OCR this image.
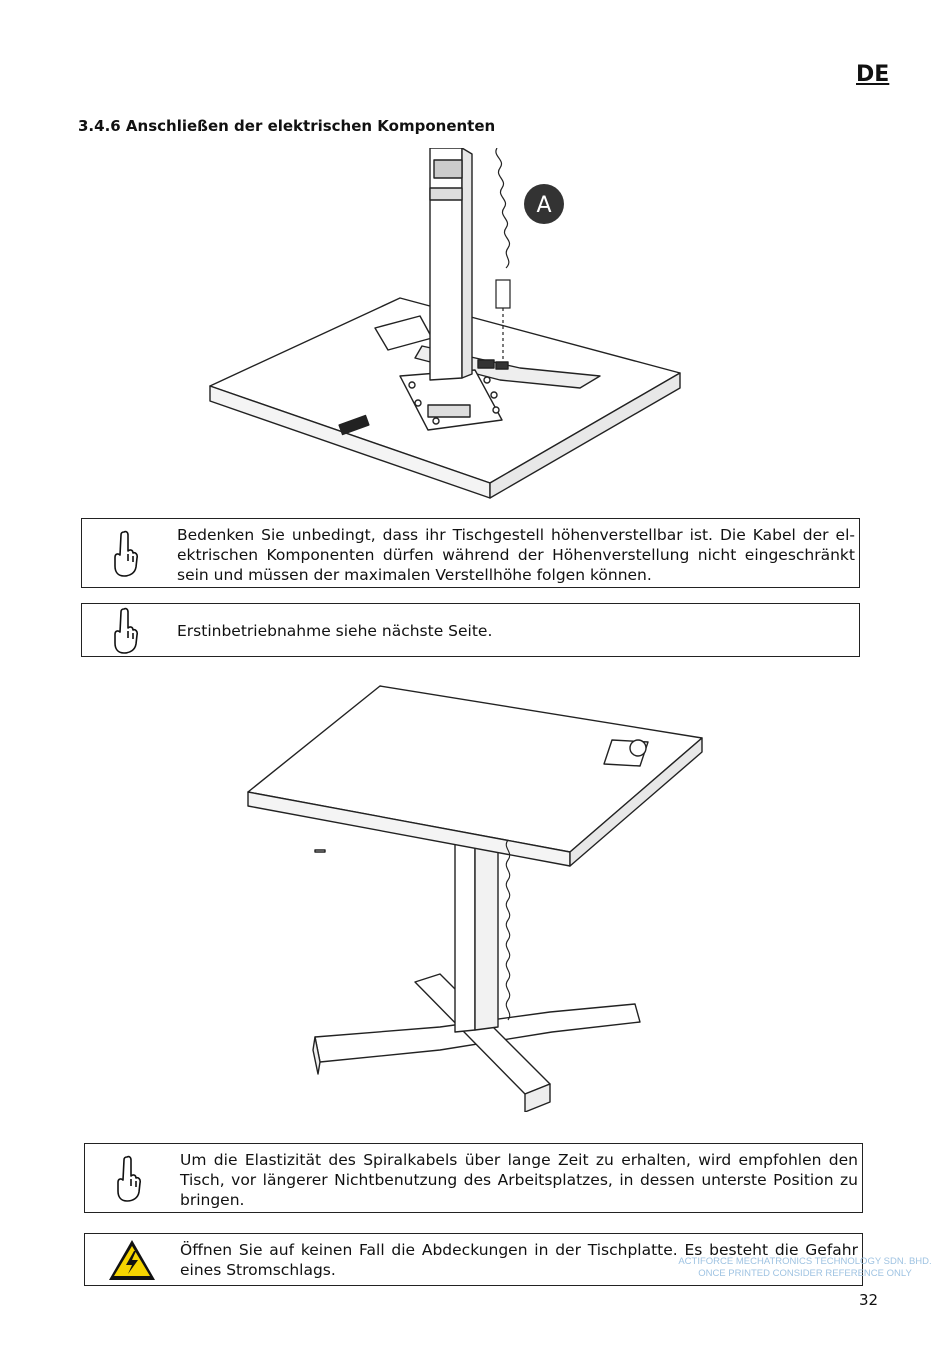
DE
3.4.6 Anschließen der elektrischen Komponenten
A
Bedenken Sie unbedingt, dass ihr Tischgestell höhenverstellbar ist. Die Kabel der el-ektrischen Komponenten dürfen während der Höhenverstellung nicht eingeschränkt sein und müssen der maximalen Verstellhöhe folgen können.
Erstinbetriebnahme siehe nächste Seite.
Um die Elastizität des Spiralkabels über lange Zeit zu erhalten, wird empfohlen den Tisch, vor längerer Nichtbenutzung des Arbeitsplatzes, in dessen unterste Position zu bringen.
Öffnen Sie auf keinen Fall die Abdeckungen in der Tischplatte. Es besteht die Gefahr eines Stromschlags.	ACTIFORCE MECHATRONICS TECHNOLOGY SDN. BHD.
ONCE PRINTED CONSIDER REFERENCE ONLY
32
